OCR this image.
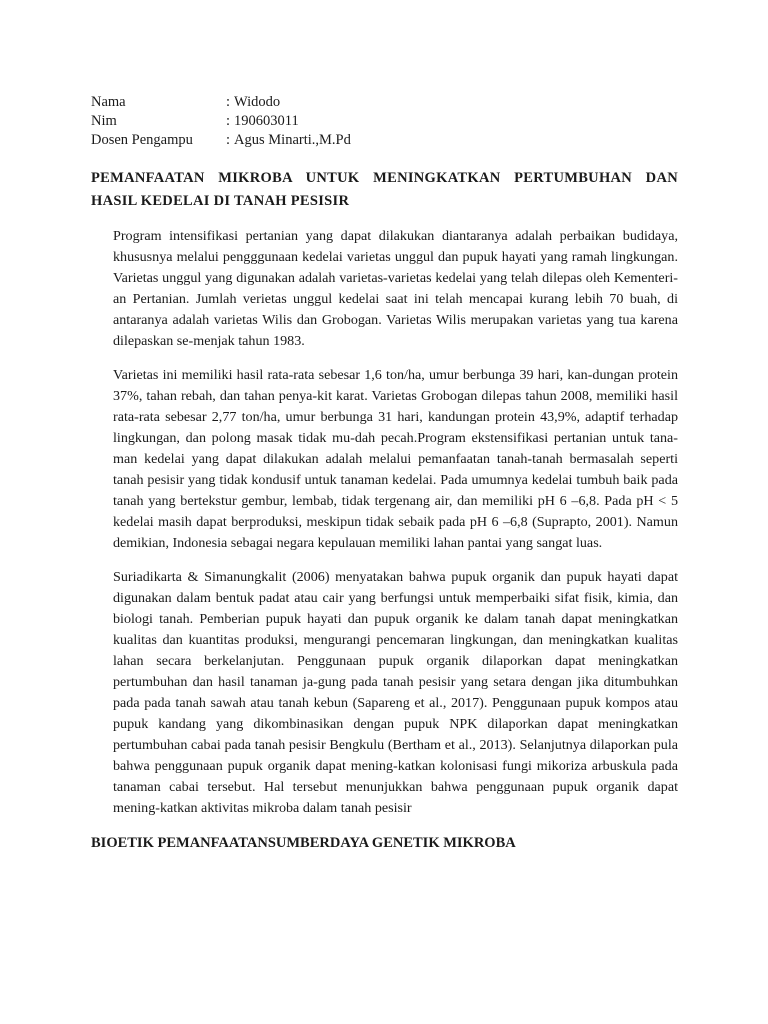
Nama	:	Widodo
Nim	:	190603011
Dosen Pengampu	:	Agus Minarti.,M.Pd
PEMANFAATAN MIKROBA UNTUK MENINGKATKAN PERTUMBUHAN DAN HASIL KEDELAI DI TANAH PESISIR

Program intensifikasi pertanian yang dapat dilakukan diantaranya adalah perbaikan budidaya, khususnya melalui pengggunaan kedelai varietas unggul dan pupuk hayati yang ramah lingkungan. Varietas unggul yang digunakan adalah varietas-varietas kedelai yang telah dilepas oleh Kementeri-an Pertanian. Jumlah verietas unggul kedelai saat ini telah mencapai kurang lebih 70 buah, di antaranya adalah varietas Wilis dan Grobogan. Varietas Wilis merupakan varietas yang tua karena dilepaskan se-menjak tahun 1983.

Varietas ini memiliki hasil rata-rata sebesar 1,6 ton/ha, umur berbunga 39 hari, kan-dungan protein 37%, tahan rebah, dan tahan penya-kit karat. Varietas Grobogan dilepas tahun 2008, memiliki hasil rata-rata sebesar 2,77 ton/ha, umur berbunga 31 hari, kandungan protein 43,9%, adaptif terhadap lingkungan, dan polong masak tidak mu-dah pecah.Program ekstensifikasi pertanian untuk tana-man kedelai yang dapat dilakukan adalah melalui pemanfaatan tanah-tanah bermasalah seperti tanah pesisir yang tidak kondusif untuk tanaman kedelai. Pada umumnya kedelai tumbuh baik pada tanah yang bertekstur gembur, lembab, tidak tergenang air, dan memiliki pH 6 –6,8. Pada pH < 5 kedelai masih dapat berproduksi, meskipun tidak sebaik pada pH 6 –6,8 (Suprapto, 2001). Namun demikian, Indonesia sebagai negara kepulauan memiliki lahan pantai yang sangat luas.

Suriadikarta & Simanungkalit (2006) menyatakan bahwa pupuk organik dan pupuk hayati dapat digunakan dalam bentuk padat atau cair yang berfungsi untuk memperbaiki sifat fisik, kimia, dan biologi tanah. Pemberian pupuk hayati dan pupuk organik ke dalam tanah dapat meningkatkan kualitas dan kuantitas produksi, mengurangi pencemaran lingkungan, dan meningkatkan kualitas lahan secara berkelanjutan. Penggunaan pupuk organik dilaporkan dapat meningkatkan pertumbuhan dan hasil tanaman ja-gung pada tanah pesisir yang setara dengan jika ditumbuhkan pada pada tanah sawah atau tanah kebun (Sapareng et al., 2017). Penggunaan pupuk kompos atau pupuk kandang yang dikombinasikan dengan pupuk NPK dilaporkan dapat meningkatkan pertumbuhan cabai pada tanah pesisir Bengkulu (Bertham et al., 2013). Selanjutnya dilaporkan pula bahwa penggunaan pupuk organik dapat mening-katkan kolonisasi fungi mikoriza arbuskula pada tanaman cabai tersebut. Hal tersebut menunjukkan bahwa penggunaan pupuk organik dapat mening-katkan aktivitas mikroba dalam tanah pesisir

BIOETIK PEMANFAATANSUMBERDAYA GENETIK MIKROBA
